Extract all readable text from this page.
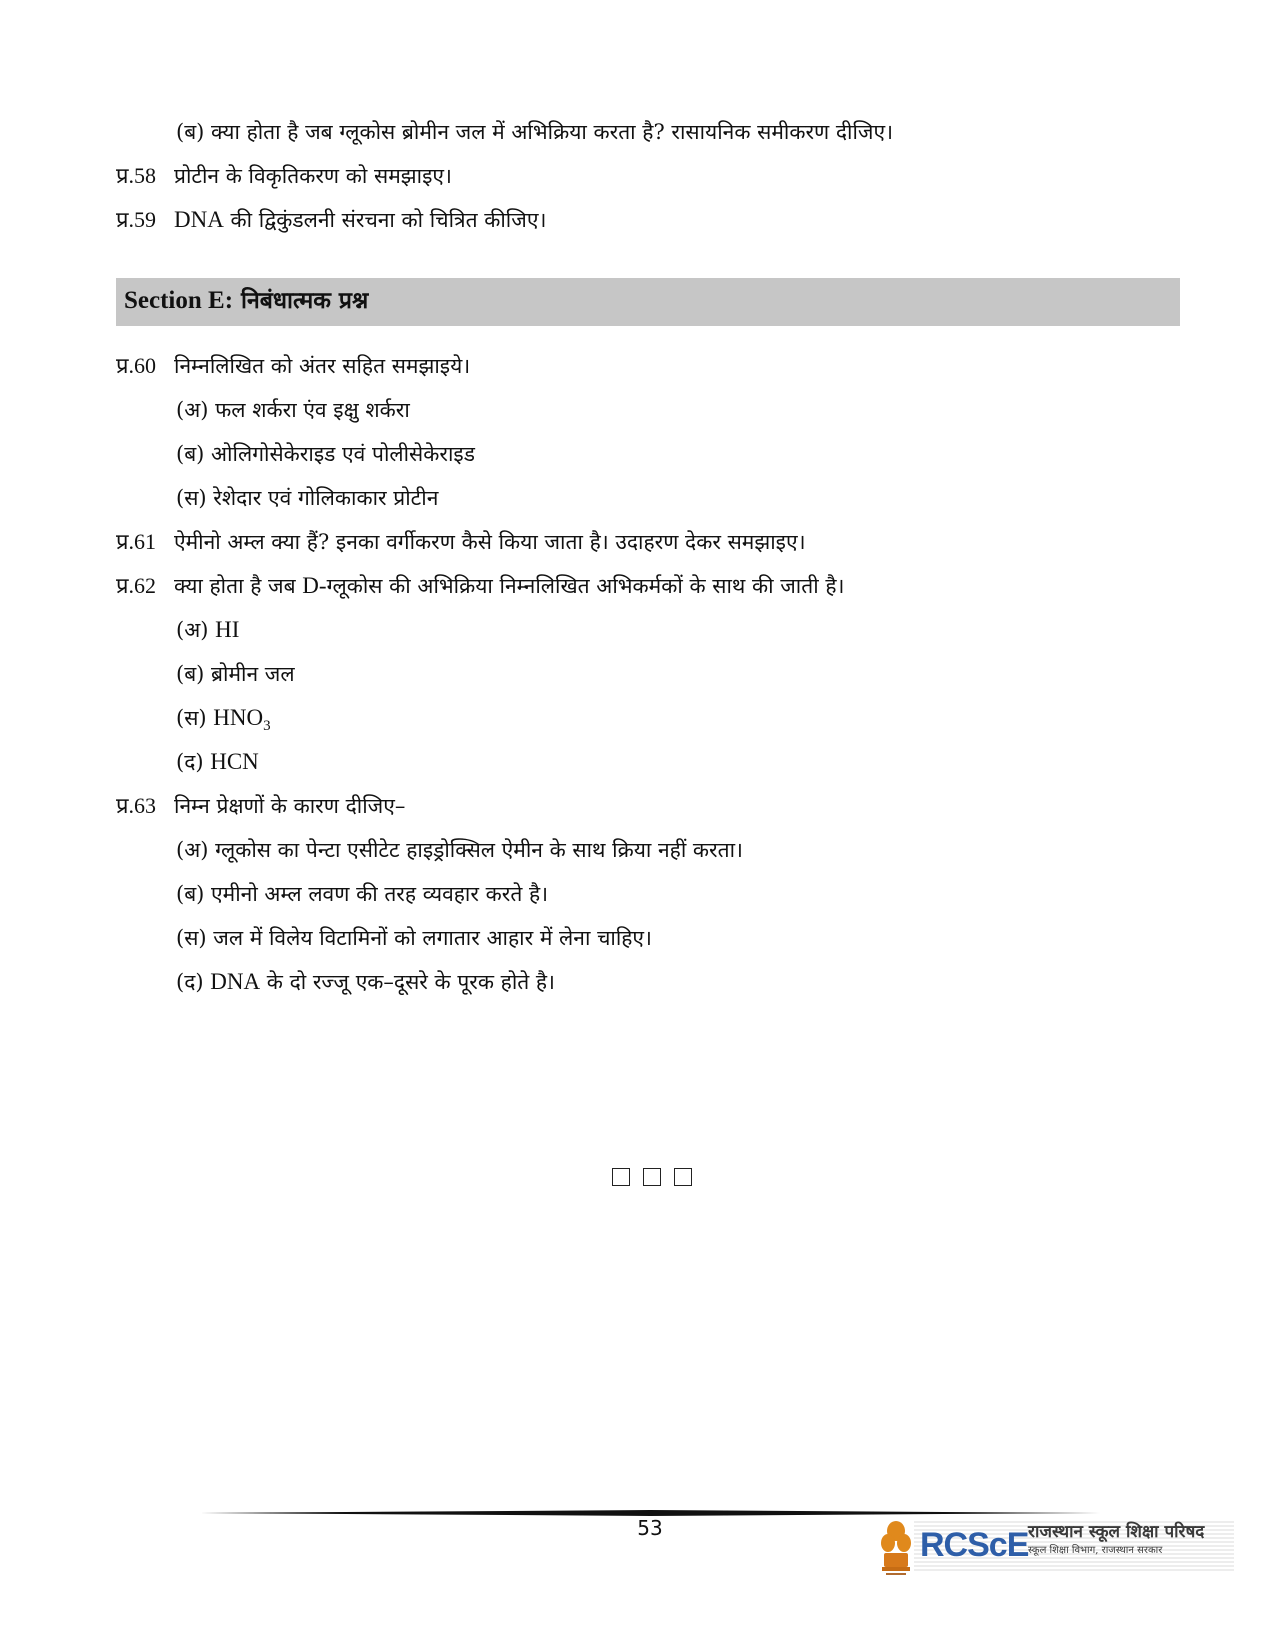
(ब) क्या होता है जब ग्लूकोस ब्रोमीन जल में अभिक्रिया करता है? रासायनिक समीकरण दीजिए।
प्र.58 प्रोटीन के विकृतिकरण को समझाइए।
प्र.59 DNA की द्विकुंडलनी संरचना को चित्रित कीजिए।
Section E: निबंधात्मक प्रश्न
प्र.60 निम्नलिखित को अंतर सहित समझाइये।
(अ) फल शर्करा एंव इक्षु शर्करा
(ब) ओलिगोसेकेराइड एवं पोलीसेकेराइड
(स) रेशेदार एवं गोलिकाकार प्रोटीन
प्र.61 ऐमीनो अम्ल क्या हैं? इनका वर्गीकरण कैसे किया जाता है। उदाहरण देकर समझाइए।
प्र.62 क्या होता है जब D-ग्लूकोस की अभिक्रिया निम्नलिखित अभिकर्मकों के साथ की जाती है।
(अ) HI
(ब) ब्रोमीन जल
(स) $HNO_3$
(द) HCN
प्र.63 निम्न प्रेक्षणों के कारण दीजिए–
(अ) ग्लूकोस का पेन्टा एसीटेट हाइड्रोक्सिल ऐमीन के साथ क्रिया नहीं करता।
(ब) एमीनो अम्ल लवण की तरह व्यवहार करते है।
(स) जल में विलेय विटामिनों को लगातार आहार में लेना चाहिए।
(द) DNA के दो रज्जू एक–दूसरे के पूरक होते है।
53	RCScE राजस्थान स्कूल शिक्षा परिषद
स्कूल शिक्षा विभाग, राजस्थान सरकार
